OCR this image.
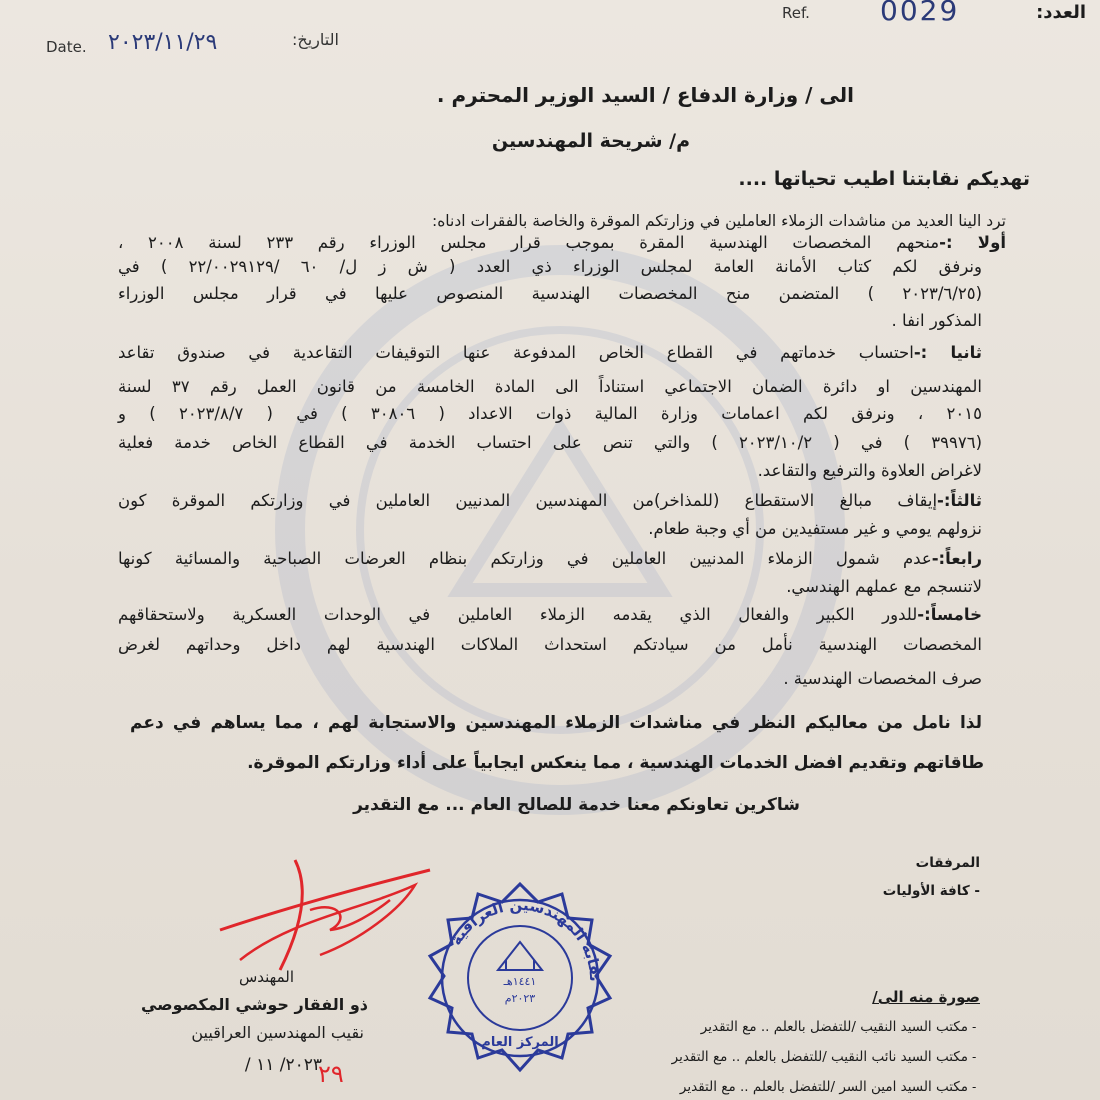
العدد:
Ref.	0029
Date. ٢٠٢٣/١١/٢٩	التاريخ:
الى / وزارة الدفاع / السيد الوزير المحترم .
م/ شريحة المهندسين
تهديكم نقابتنا اطيب تحياتها ....
ترد الينا العديد من مناشدات الزملاء العاملين في وزارتكم الموقرة والخاصة بالفقرات ادناه:
أولا :-منحهم المخصصات الهندسية المقرة بموجب قرار مجلس الوزراء رقم ٢٣٣ لسنة ٢٠٠٨ ،
ونرفق لكم كتاب الأمانة العامة لمجلس الوزراء ذي العدد ( ش ز ل/ ٦٠ /٢٢/٠٠٢٩١٢٩ ) في
(٢٠٢٣/٦/٢٥ ) المتضمن منح المخصصات الهندسية المنصوص عليها في قرار مجلس الوزراء
المذكور انفا .
ثانيا :-احتساب خدماتهم في القطاع الخاص المدفوعة عنها التوقيفات التقاعدية في صندوق تقاعد
المهندسين او دائرة الضمان الاجتماعي استناداً الى المادة الخامسة من قانون العمل رقم ٣٧ لسنة
٢٠١٥ ، ونرفق لكم اعمامات وزارة المالية ذوات الاعداد ( ٣٠٨٠٦ ) في ( ٢٠٢٣/٨/٧ ) و
(٣٩٩٧٦ ) في ( ٢٠٢٣/١٠/٢ ) والتي تنص على احتساب الخدمة في القطاع الخاص خدمة فعلية
لاغراض العلاوة والترفيع والتقاعد.
ثالثاً:-إيقاف مبالغ الاستقطاع (للمذاخر)من المهندسين المدنيين العاملين في وزارتكم الموقرة كون
نزولهم يومي و غير مستفيدين من أي وجبة طعام.
رابعاً:-عدم شمول الزملاء المدنيين العاملين في وزارتكم بنظام العرضات الصباحية والمسائية كونها
لاتنسجم مع عملهم الهندسي.
خامساً:-للدور الكبير والفعال الذي يقدمه الزملاء العاملين في الوحدات العسكرية ولاستحقاقهم
المخصصات الهندسية نأمل من سيادتكم استحداث الملاكات الهندسية لهم داخل وحداتهم لغرض
صرف المخصصات الهندسية .
لذا نامل من معاليكم النظر في مناشدات الزملاء المهندسين والاستجابة لهم ، مما يساهم في دعم
طاقاتهم وتقديم افضل الخدمات الهندسية ، مما ينعكس ايجابياً على أداء وزارتكم الموقرة.
شاكرين تعاونكم معنا خدمة للصالح العام ... مع التقدير
المرفقات
- كافة الأوليات
المهندس
ذو الفقار حوشي المكصوصي
نقيب المهندسين العراقيين
٢٠٢٣/ ١١ /
٢٩
نقابة المهندسين العراقية
١٤٤١هـ
٢٠٢٣م
المركز العام
صورة منه الى/
مكتب السيد النقيب /للتفضل بالعلم .. مع التقدير
مكتب السيد نائب النقيب /للتفضل بالعلم .. مع التقدير
مكتب السيد امين السر /للتفضل بالعلم .. مع التقدير
-
-
-
